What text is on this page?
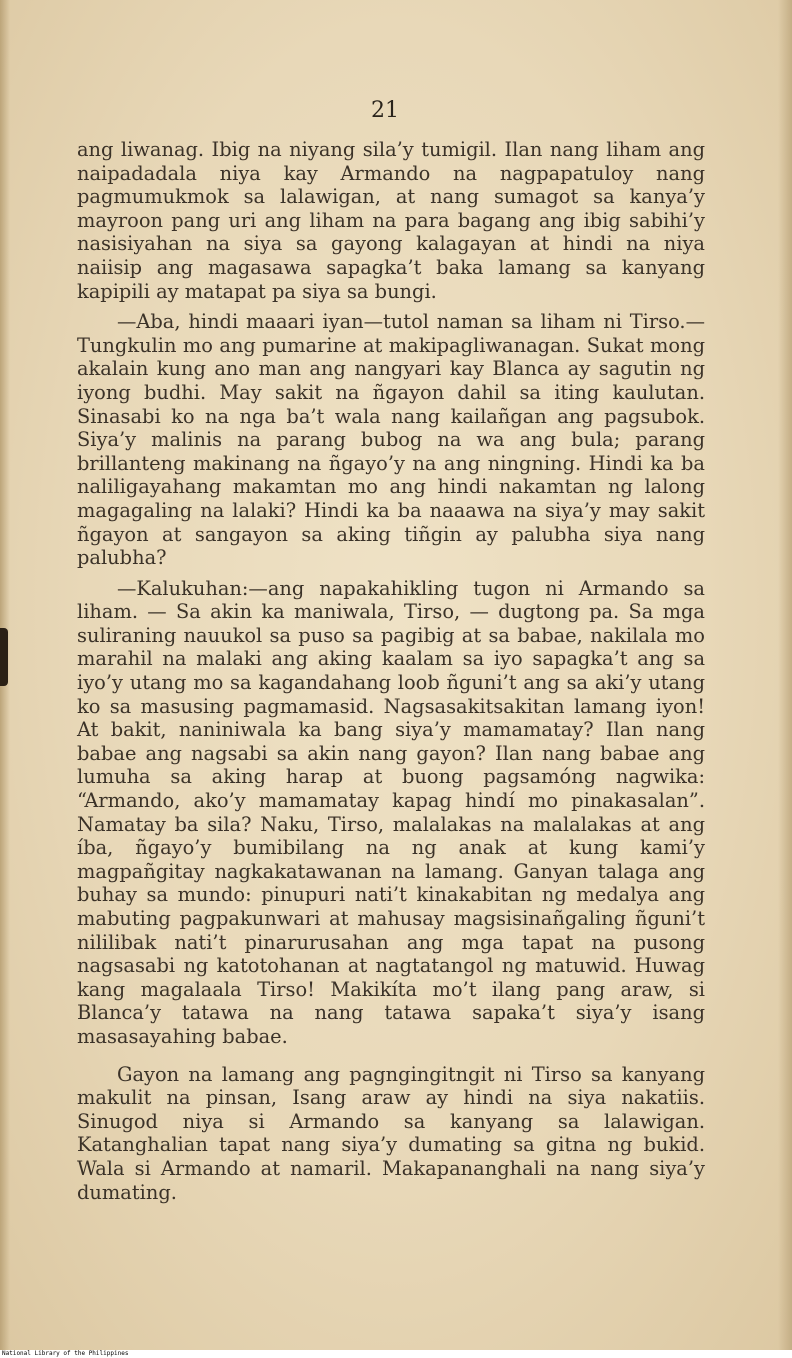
21

ang liwanag. Ibig na niyang sila’y tumigil. Ilan nang liham ang naipadadala niya kay Armando na nagpapatuloy nang pagmumukmok sa lalawigan, at nang sumagot sa kanya’y mayroon pang uri ang liham na para bagang ang ibig sabihi’y nasisiyahan na siya sa gayong kalagayan at hindi na niya naiisip ang magasawa sapagka’t baka lamang sa kanyang kapipili ay matapat pa siya sa bungi.

—Aba, hindi maaari iyan—tutol naman sa liham ni Tirso.—Tungkulin mo ang pumarine at makipagliwanagan. Sukat mong akalain kung ano man ang nangyari kay Blanca ay sagutin ng iyong budhi. May sakit na ñgayon dahil sa iting kaulutan. Sinasabi ko na nga ba’t wala nang kailañgan ang pagsubok. Siya’y malinis na parang bubog na wa ang bula; parang brillanteng makinang na ñgayo’y na ang ningning. Hindi ka ba naliligayahang makamtan mo ang hindi nakamtan ng lalong magagaling na lalaki? Hindi ka ba naaawa na siya’y may sakit ñgayon at sangayon sa aking tiñgin ay palubha siya nang palubha?

—Kalukuhan:—ang napakahikling tugon ni Armando sa liham. — Sa akin ka maniwala, Tirso, — dugtong pa. Sa mga suliraning nauukol sa puso sa pagibig at sa babae, nakilala mo marahil na malaki ang aking kaalam sa iyo sapagka’t ang sa iyo’y utang mo sa kagandahang loob ñguni’t ang sa aki’y utang ko sa masusing pagmamasid. Nagsasakitsakitan lamang iyon! At bakit, naniniwala ka bang siya’y mamamatay? Ilan nang babae ang nagsabi sa akin nang gayon? Ilan nang babae ang lumuha sa aking harap at buong pagsamóng nagwika: “Armando, ako’y mamamatay kapag hindí mo pinakasalan”. Namatay ba sila? Naku, Tirso, malalakas na malalakas at ang íba, ñgayo’y bumibilang na ng anak at kung kami’y magpañgitay nagkakatawanan na lamang. Ganyan talaga ang buhay sa mundo: pinupuri nati’t kinakabitan ng medalya ang mabuting pagpakunwari at mahusay magsisinañgaling ñguni’t nililibak nati’t pinarurusahan ang mga tapat na pusong nagsasabi ng katotohanan at nagtatangol ng matuwid. Huwag kang magalaala Tirso! Makikíta mo’t ilang pang araw, si Blanca’y tatawa na nang tatawa sapaka’t siya’y isang masasayahing babae.

Gayon na lamang ang pagngingitngit ni Tirso sa kanyang makulit na pinsan, Isang araw ay hindi na siya nakatiis. Sinugod niya si Armando sa kanyang sa lalawigan. Katanghalian tapat nang siya’y dumating sa gitna ng bukid. Wala si Armando at namaril. Makapananghali na nang siya’y dumating.

National Library of the Philippines
